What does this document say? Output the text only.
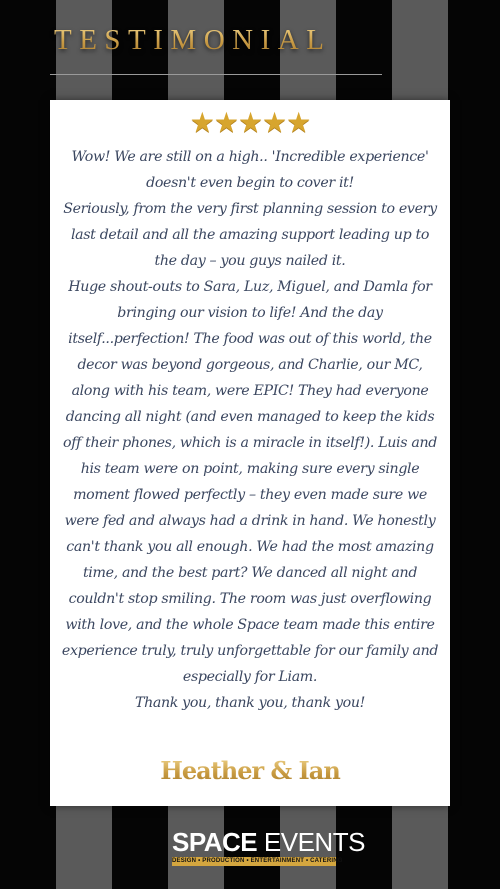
TESTIMONIAL
★★★★★

Wow! We are still on a high.. 'Incredible experience' doesn't even begin to cover it!

Seriously, from the very first planning session to every last detail and all the amazing support leading up to the day – you guys nailed it.

Huge shout-outs to Sara, Luz, Miguel, and Damla for bringing our vision to life! And the day itself...perfection! The food was out of this world, the decor was beyond gorgeous, and Charlie, our MC, along with his team, were EPIC! They had everyone dancing all night (and even managed to keep the kids off their phones, which is a miracle in itself!). Luis and his team were on point, making sure every single moment flowed perfectly – they even made sure we were fed and always had a drink in hand. We honestly can't thank you all enough. We had the most amazing time, and the best part? We danced all night and couldn't stop smiling. The room was just overflowing with love, and the whole Space team made this entire experience truly, truly unforgettable for our family and especially for Liam.

Thank you, thank you, thank you!

Heather & Ian
SPACE EVENTS
DESIGN • PRODUCTION • ENTERTAINMENT • CATERING
